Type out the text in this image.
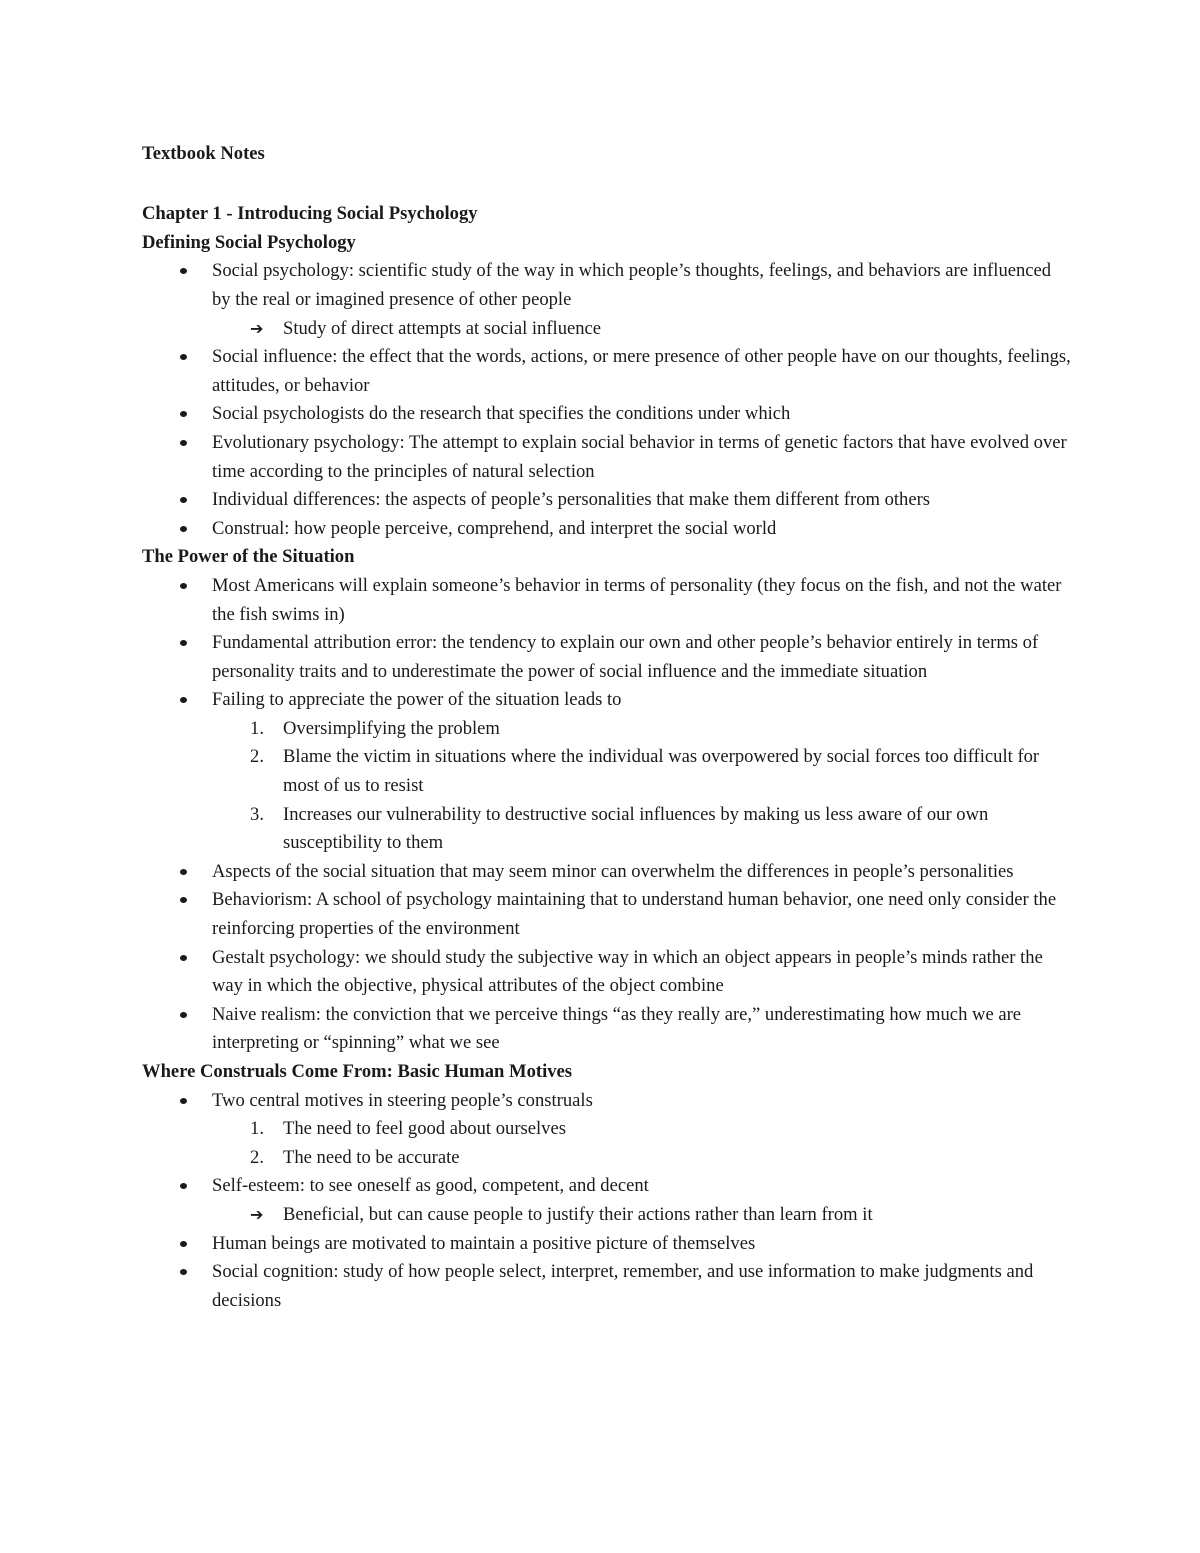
Textbook Notes

Chapter 1 - Introducing Social Psychology

Defining Social Psychology

Social psychology: scientific study of the way in which people’s thoughts, feelings, and behaviors are influenced by the real or imagined presence of other people
➔ Study of direct attempts at social influence
Social influence: the effect that the words, actions, or mere presence of other people have on our thoughts, feelings, attitudes, or behavior
Social psychologists do the research that specifies the conditions under which
Evolutionary psychology: The attempt to explain social behavior in terms of genetic factors that have evolved over time according to the principles of natural selection
Individual differences: the aspects of people’s personalities that make them different from others
Construal: how people perceive, comprehend, and interpret the social world

The Power of the Situation

Most Americans will explain someone’s behavior in terms of personality (they focus on the fish, and not the water the fish swims in)
Fundamental attribution error: the tendency to explain our own and other people’s behavior entirely in terms of personality traits and to underestimate the power of social influence and the immediate situation
Failing to appreciate the power of the situation leads to
1. Oversimplifying the problem
2. Blame the victim in situations where the individual was overpowered by social forces too difficult for most of us to resist
3. Increases our vulnerability to destructive social influences by making us less aware of our own susceptibility to them
Aspects of the social situation that may seem minor can overwhelm the differences in people’s personalities
Behaviorism: A school of psychology maintaining that to understand human behavior, one need only consider the reinforcing properties of the environment
Gestalt psychology: we should study the subjective way in which an object appears in people’s minds rather the way in which the objective, physical attributes of the object combine
Naive realism: the conviction that we perceive things “as they really are,” underestimating how much we are interpreting or “spinning” what we see

Where Construals Come From: Basic Human Motives

Two central motives in steering people’s construals
1. The need to feel good about ourselves
2. The need to be accurate
Self-esteem: to see oneself as good, competent, and decent
➔ Beneficial, but can cause people to justify their actions rather than learn from it
Human beings are motivated to maintain a positive picture of themselves
Social cognition: study of how people select, interpret, remember, and use information to make judgments and decisions
